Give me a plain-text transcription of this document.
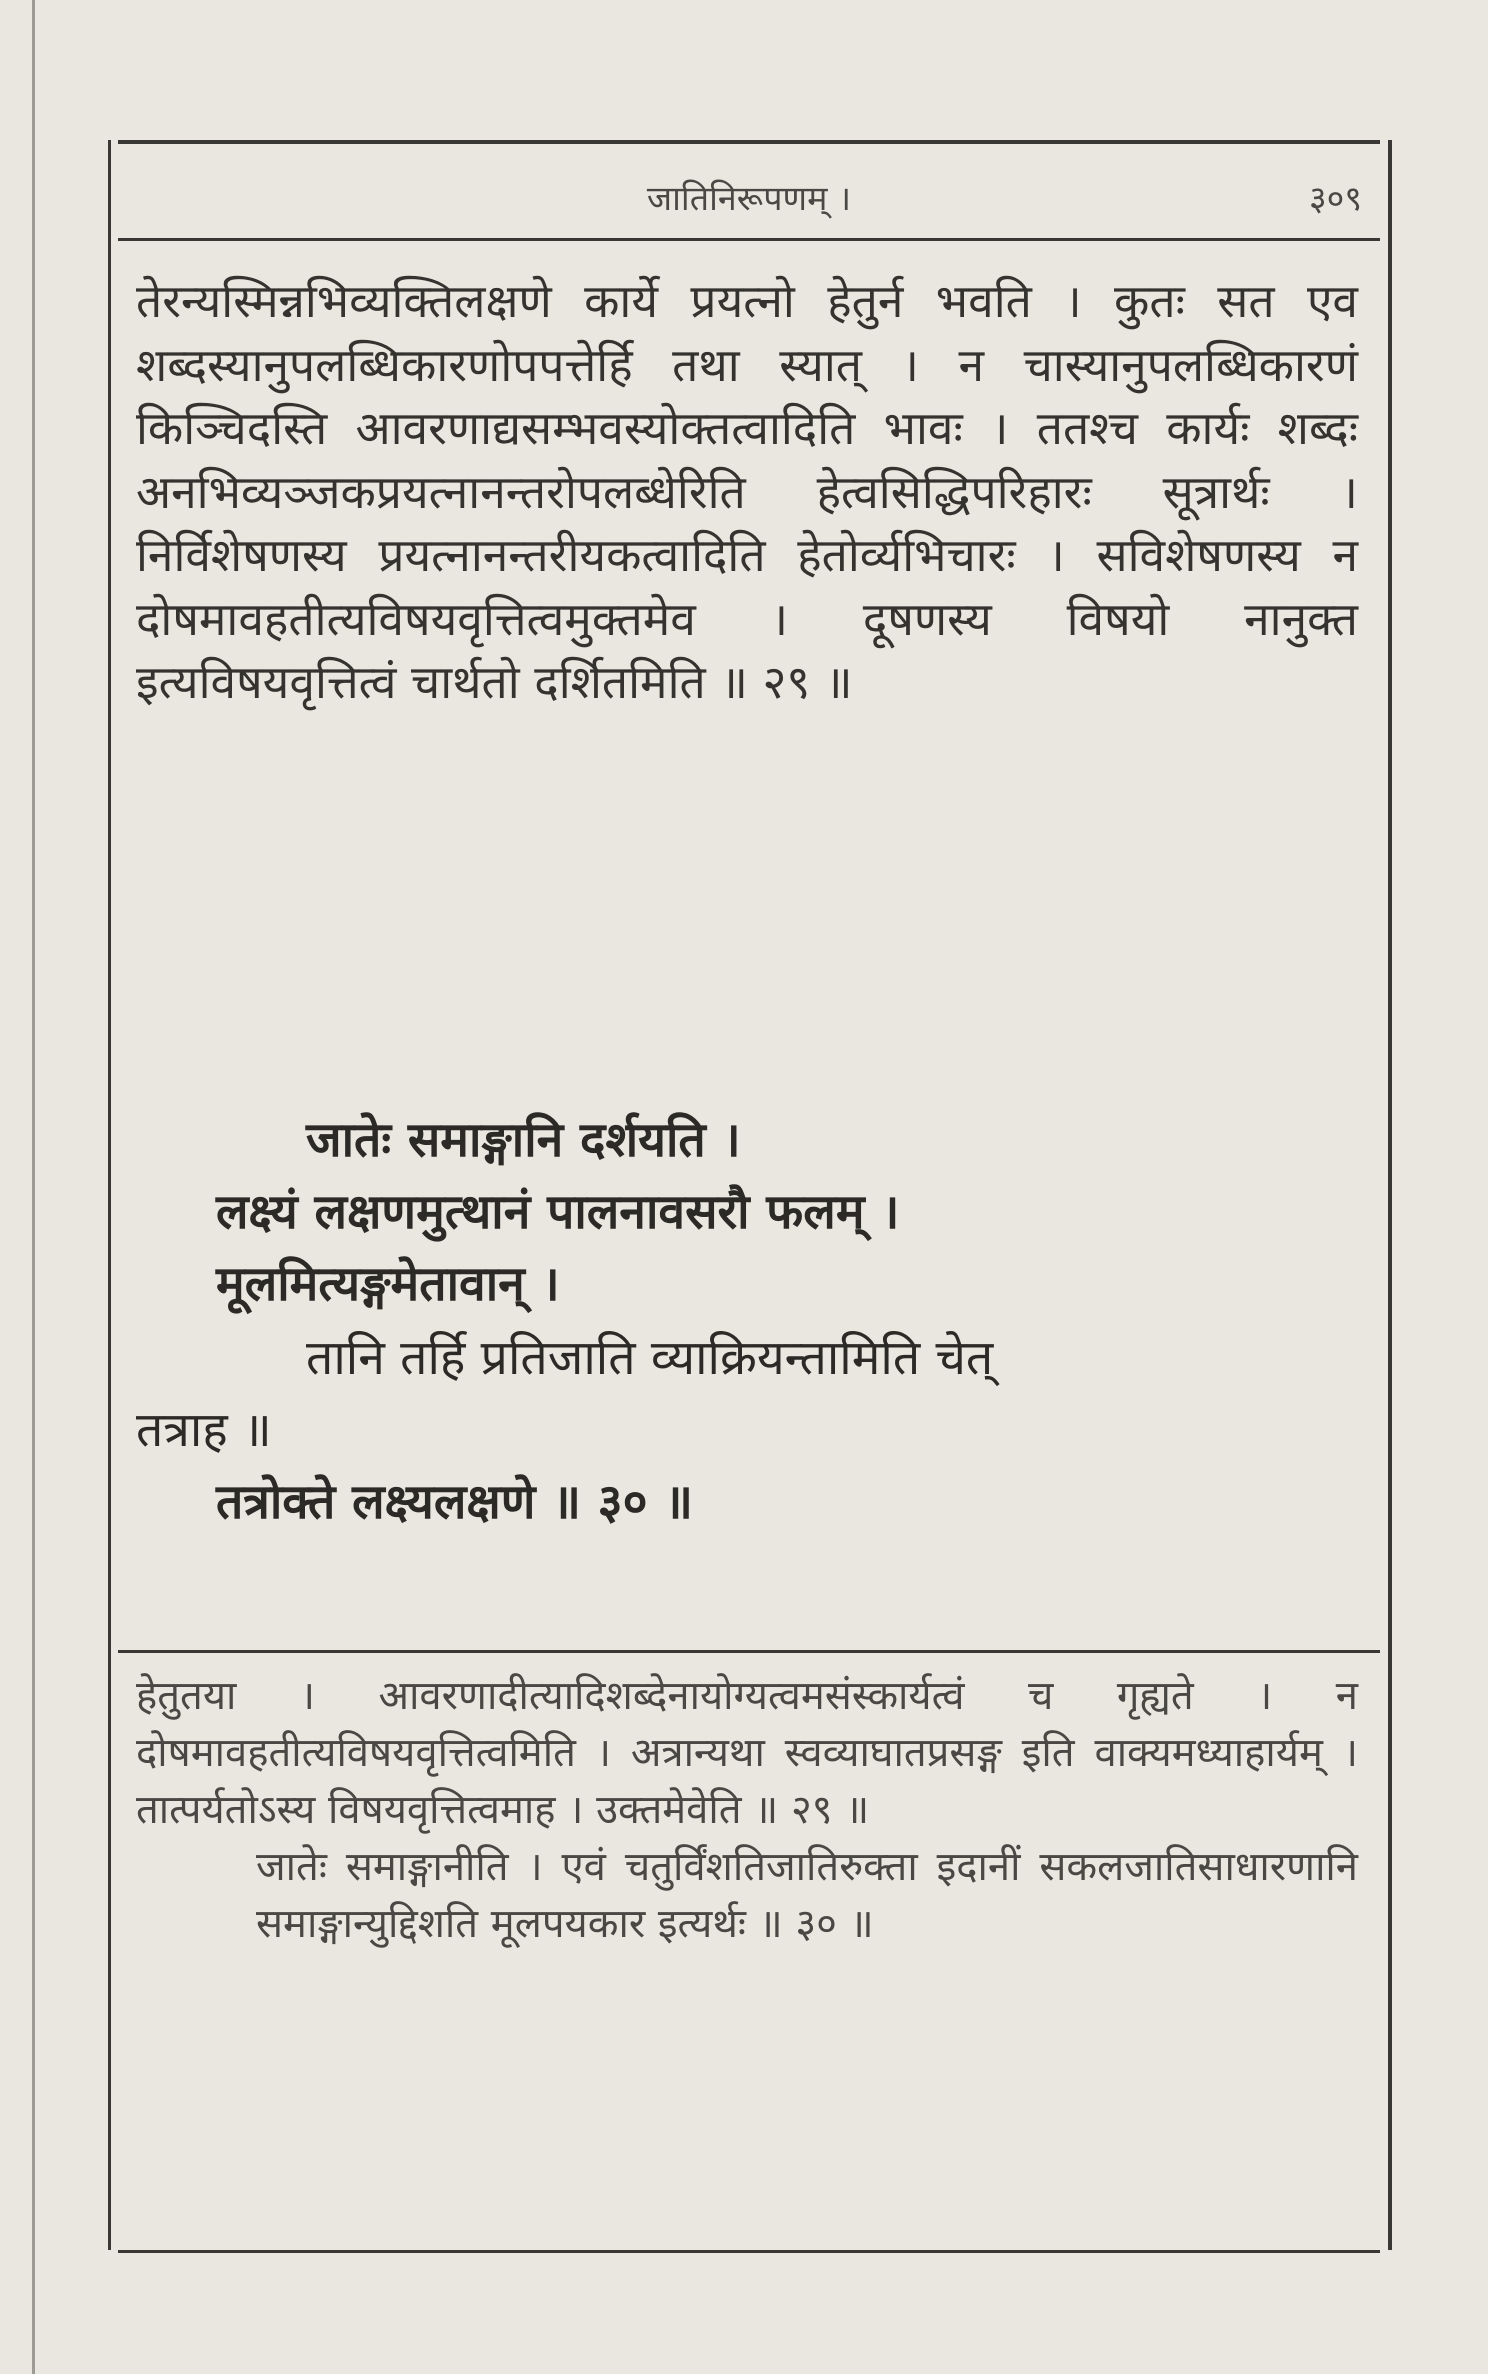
जातिनिरूपणम् ।	३०९

तेरन्यस्मिन्नभिव्यक्तिलक्षणे कार्ये प्रयत्नो हेतुर्न भवति । कुतः सत एव शब्दस्यानुपलब्धिकारणोपपत्तेर्हि तथा स्यात् । न चास्यानुपलब्धिकारणं किञ्चिदस्ति आवरणाद्यसम्भवस्योक्तत्वादिति भावः । ततश्च कार्यः शब्दः अनभिव्यञ्जकप्रयत्नानन्तरोपलब्धेरिति हेत्वसिद्धिपरिहारः सूत्रार्थः । निर्विशेषणस्य प्रयत्नानन्तरीयकत्वादिति हेतोर्व्यभिचारः । सविशेषणस्य न दोषमावहतीत्यविषयवृत्तित्वमुक्तमेव । दूषणस्य विषयो नानुक्त इत्यविषयवृत्तित्वं चार्थतो दर्शितमिति ॥ २९ ॥

जातेः समाङ्गानि दर्शयति ।
लक्ष्यं लक्षणमुत्थानं पालनावसरौ फलम् ।
मूलमित्यङ्गमेतावान् ।
तानि तर्हि प्रतिजाति व्याक्रियन्तामिति चेत्
तत्राह ॥
तत्रोक्ते लक्ष्यलक्षणे ॥ ३० ॥

हेतुतया । आवरणादीत्यादिशब्देनायोग्यत्वमसंस्कार्यत्वं च गृह्यते । न दोषमावहतीत्यविषयवृत्तित्वमिति । अत्रान्यथा स्वव्याघातप्रसङ्ग इति वाक्यमध्याहार्यम् । तात्पर्यतोऽस्य विषयवृत्तित्वमाह । उक्तमेवेति ॥ २९ ॥

जातेः समाङ्गानीति । एवं चतुर्विंशतिजातिरुक्ता इदानीं सकलजातिसाधारणानि समाङ्गान्युद्दिशति मूलपयकार इत्यर्थः ॥ ३० ॥
